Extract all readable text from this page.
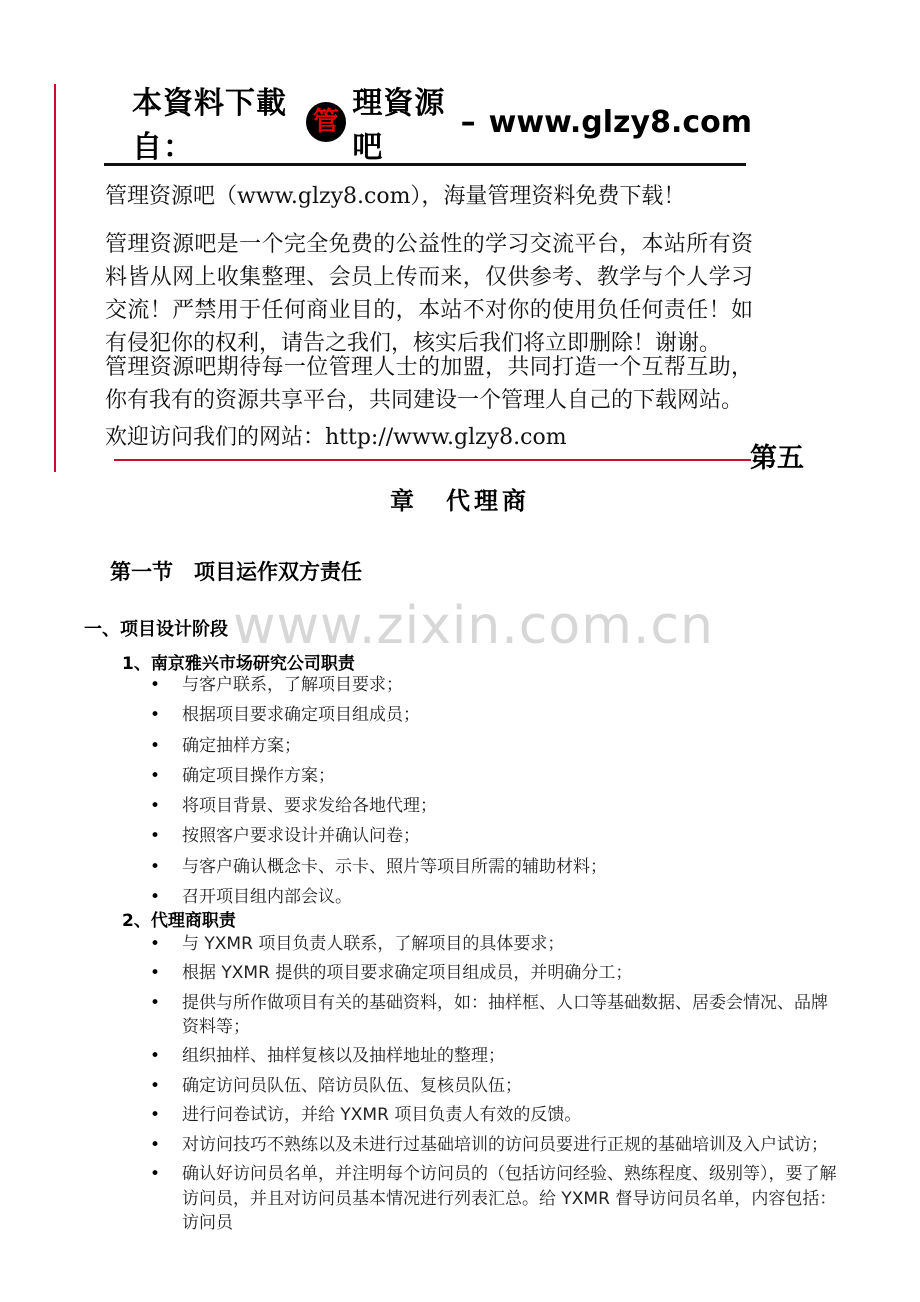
本資料下載自：
管
理資源吧
– www.glzy8.com

管理资源吧（www.glzy8.com），海量管理资料免费下载！

管理资源吧是一个完全免费的公益性的学习交流平台，本站所有资料皆从网上收集整理、会员上传而来，仅供参考、教学与个人学习交流！严禁用于任何商业目的，本站不对你的使用负任何责任！如有侵犯你的权利，请告之我们，核实后我们将立即删除！谢谢。

管理资源吧期待每一位管理人士的加盟，共同打造一个互帮互助，你有我有的资源共享平台，共同建设一个管理人自己的下载网站。

欢迎访问我们的网站：http://www.glzy8.com

第五
章　代理商
第一节　项目运作双方责任
www.zixin.com.cn
一、项目设计阶段
1、南京雅兴市场研究公司职责
•	与客户联系，了解项目要求；
•	根据项目要求确定项目组成员；
•	确定抽样方案；
•	确定项目操作方案；
•	将项目背景、要求发给各地代理；
•	按照客户要求设计并确认问卷；
•	与客户确认概念卡、示卡、照片等项目所需的辅助材料；
•	召开项目组内部会议。
2、代理商职责
•	与 YXMR 项目负责人联系，了解项目的具体要求；
•	根据 YXMR 提供的项目要求确定项目组成员，并明确分工；
•	提供与所作做项目有关的基础资料，如：抽样框、人口等基础数据、居委会情况、品牌资料等；
•	组织抽样、抽样复核以及抽样地址的整理；
•	确定访问员队伍、陪访员队伍、复核员队伍；
•	进行问卷试访，并给 YXMR 项目负责人有效的反馈。
•	对访问技巧不熟练以及未进行过基础培训的访问员要进行正规的基础培训及入户试访；
•	确认好访问员名单，并注明每个访问员的（包括访问经验、熟练程度、级别等），要了解访问员，并且对访问员基本情况进行列表汇总。给 YXMR 督导访问员名单，内容包括：访问员
